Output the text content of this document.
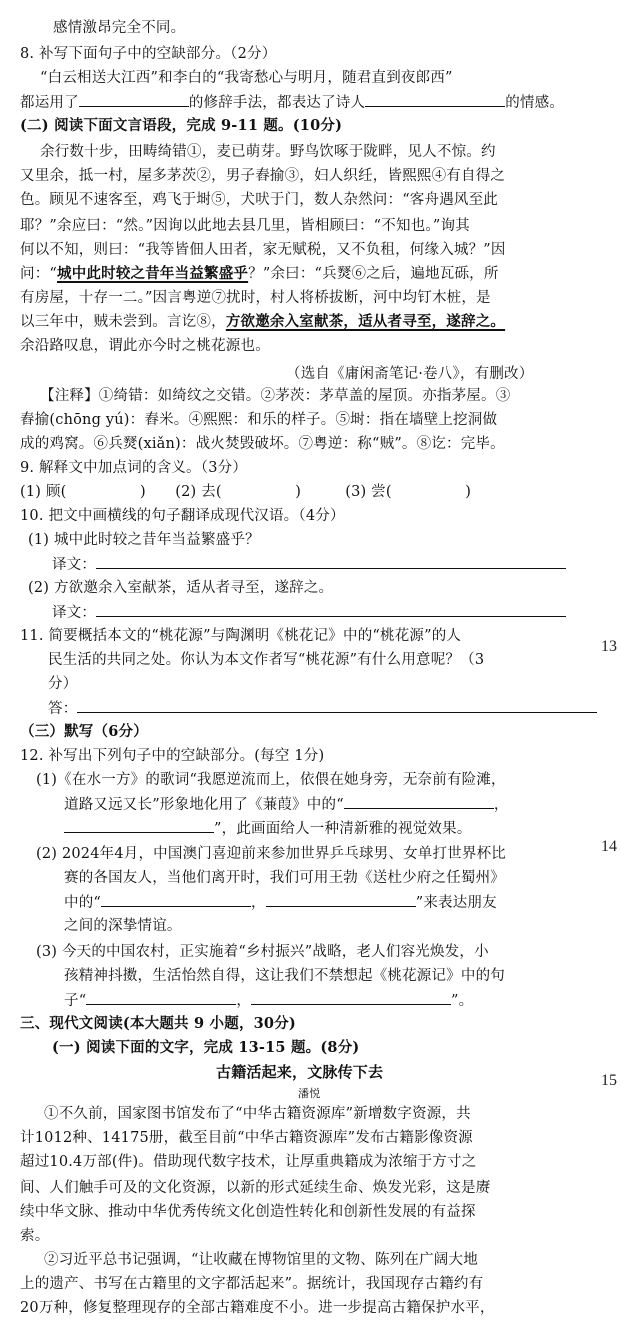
感情激昂完全不同。
8. 补写下面句子中的空缺部分。（2分）
“白云相送大江西”和李白的“我寄愁心与明月，随君直到夜郎西”
都运用了	的修辞手法，都表达了诗人	的情感。
(二) 阅读下面文言语段，完成 9-11 题。(10分)
余行数十步，田畴绮错①，麦已萌芽。野鸟饮啄于陇畔，见人不惊。约
又里余，抵一村，屋多茅茨②，男子舂揄③，妇人织纴，皆熙熙④有自得之
色。顾见不速客至，鸡飞于埘⑤，犬吠于门，数人杂然问：“客舟遇风至此
耶？”余应曰：“然。”因询以此地去县几里，皆相顾曰：“不知也。”询其
何以不知，则曰：“我等皆佃人田者，家无赋税，又不负租，何缘入城？”因
问：“城中此时较之昔年当益繁盛乎？”余曰：“兵燹⑥之后，遍地瓦砾，所
有房屋，十存一二。”因言粤逆⑦扰时，村人将桥拔断，河中均钉木桩，是
以三年中，贼未尝到。言讫⑧，方欲邀余入室献茶，适从者寻至，遂辞之。
余沿路叹息，谓此亦今时之桃花源也。
（选自《庸闲斋笔记·卷八》，有删改）
【注释】①绮错：如绮纹之交错。②茅茨：茅草盖的屋顶。亦指茅屋。③
舂揄(chōng yú)：舂米。④熙熙：和乐的样子。⑤埘：指在墙壁上挖洞做
成的鸡窝。⑥兵燹(xiǎn)：战火焚毁破坏。⑦粤逆：称“贼”。⑧讫：完毕。
9. 解释文中加点词的含义。（3分）
(1) 顾(　　　　　)　　(2) 去(　　　　　)　　　(3) 尝(　　　　　)
10. 把文中画横线的句子翻译成现代汉语。（4分）
(1) 城中此时较之昔年当益繁盛乎？
译文：
(2) 方欲邀余入室献茶，适从者寻至，遂辞之。
译文：
11. 简要概括本文的“桃花源”与陶渊明《桃花记》中的“桃花源”的人
民生活的共同之处。你认为本文作者写“桃花源”有什么用意呢？（3
分）
答：
（三）默写（6分）
12. 补写出下列句子中的空缺部分。(每空 1分)
(1)《在水一方》的歌词“我愿逆流而上，依偎在她身旁，无奈前有险滩，
道路又远又长”形象地化用了《蒹葭》中的“	，
”，此画面给人一种清新雅的视觉效果。
(2) 2024年4月，中国澳门喜迎前来参加世界乒乓球男、女单打世界杯比
赛的各国友人，当他们离开时，我们可用王勃《送杜少府之任蜀州》
中的“	，	”来表达朋友
之间的深挚情谊。
(3) 今天的中国农村，正实施着“乡村振兴”战略，老人们容光焕发，小
孩精神抖擞，生活怡然自得，这让我们不禁想起《桃花源记》中的句
子“	，	”。
三、现代文阅读(本大题共 9 小题，30分)
(一) 阅读下面的文字，完成 13-15 题。(8分)
古籍活起来，文脉传下去
潘悦
①不久前，国家图书馆发布了“中华古籍资源库”新增数字资源，共
计1012种、14175册，截至目前“中华古籍资源库”发布古籍影像资源
超过10.4万部(件)。借助现代数字技术，让厚重典籍成为浓缩于方寸之
间、人们触手可及的文化资源，以新的形式延续生命、焕发光彩，这是赓
续中华文脉、推动中华优秀传统文化创造性转化和创新性发展的有益探
索。
②习近平总书记强调，“让收藏在博物馆里的文物、陈列在广阔大地
上的遗产、书写在古籍里的文字都活起来”。据统计，我国现存古籍约有
20万种，修复整理现存的全部古籍难度不小。进一步提高古籍保护水平，
13
14
15
